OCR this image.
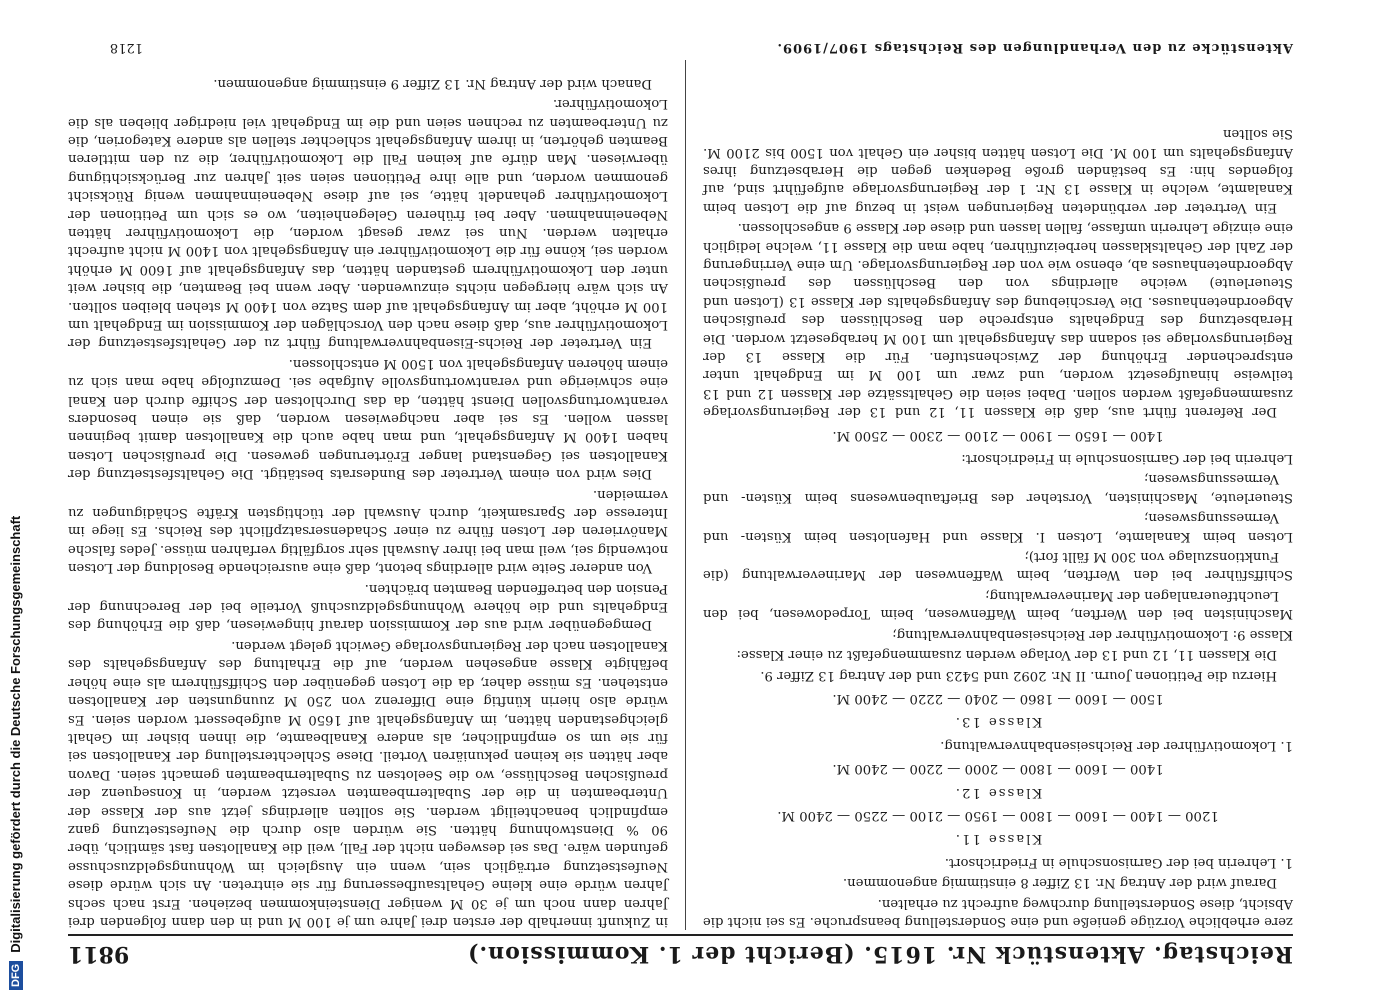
Reichstag. Aktenstück Nr. 1615. (Bericht der 1. Kommission.)
9811

zere erhebliche Vorzüge genieße und eine Sonderstellung beanspruche. Es sei nicht die Absicht, diese Sonderstellung durchweg aufrecht zu erhalten.

Darauf wird der Antrag Nr. 13 Ziffer 8 einstimmig angenommen.

1. Lehrerin bei der Garnisonschule in Friedrichsort.

Klasse 11.

1200 — 1400 — 1600 — 1800 — 1950 — 2100 — 2250 — 2400 M.

Klasse 12.

1400 — 1600 — 1800 — 2000 — 2200 — 2400 M.

1. Lokomotivführer der Reichseisenbahnverwaltung.

Klasse 13.

1500 — 1600 — 1860 — 2040 — 2220 — 2400 M.

Hierzu die Petitionen Journ. II Nr. 2092 und 5423 und der Antrag 13 Ziffer 9.

Die Klassen 11, 12 und 13 der Vorlage werden zusammengefaßt zu einer Klasse:

Klasse 9: Lokomotivführer der Reichseisenbahnverwaltung;

Maschinisten bei den Werften, beim Waffenwesen, beim Torpedowesen, bei den Leuchtfeueranlagen der Marineverwaltung;

Schiffsführer bei den Werften, beim Waffenwesen der Marineverwaltung (die Funktionszulage von 300 M fällt fort);

Lotsen beim Kanalamte, Lotsen I. Klasse und Hafenlotsen beim Küsten- und Vermessungswesen;

Steuerleute, Maschinisten, Vorsteher des Brieftaubenwesens beim Küsten- und Vermessungswesen;

Lehrerin bei der Garnisonschule in Friedrichsort:

1400 — 1650 — 1900 — 2100 — 2300 — 2500 M.

Der Referent führt aus, daß die Klassen 11, 12 und 13 der Regierungsvorlage zusammengefaßt werden sollen. Dabei seien die Gehaltssätze der Klassen 12 und 13 teilweise hinaufgesetzt worden, und zwar um 100 M im Endgehalt unter entsprechender Erhöhung der Zwischenstufen. Für die Klasse 13 der Regierungsvorlage sei sodann das Anfangsgehalt um 100 M herabgesetzt worden. Die Herabsetzung des Endgehalts entspreche den Beschlüssen des preußischen Abgeordnetenhauses. Die Verschiebung des Anfangsgehalts der Klasse 13 (Lotsen und Steuerleute) weiche allerdings von den Beschlüssen des preußischen Abgeordnetenhauses ab, ebenso wie von der Regierungsvorlage. Um eine Verringerung der Zahl der Gehaltsklassen herbeizuführen, habe man die Klasse 11, welche lediglich eine einzige Lehrerin umfasse, fallen lassen und diese der Klasse 9 angeschlossen.

Ein Vertreter der verbündeten Regierungen weist in bezug auf die Lotsen beim Kanalamte, welche in Klasse 13 Nr. 1 der Regierungsvorlage aufgeführt sind, auf folgendes hin: Es beständen große Bedenken gegen die Herabsetzung ihres Anfangsgehalts um 100 M. Die Lotsen hätten bisher ein Gehalt von 1500 bis 2100 M. Sie sollten

in Zukunft innerhalb der ersten drei Jahre um je 100 M und in den dann folgenden drei Jahren dann noch um je 30 M weniger Diensteinkommen beziehen. Erst nach sechs Jahren würde eine kleine Gehaltsaufbesserung für sie eintreten. An sich würde diese Neufestsetzung erträglich sein, wenn ein Ausgleich im Wohnungsgeldzuschusse gefunden wäre. Das sei deswegen nicht der Fall, weil die Kanallotsen fast sämtlich, über 90 % Dienstwohnung hätten. Sie würden also durch die Neufestsetzung ganz empfindlich benachteiligt werden. Sie sollten allerdings jetzt aus der Klasse der Unterbeamten in die der Subalternbeamten versetzt werden, in Konsequenz der preußischen Beschlüsse, wo die Seelotsen zu Subalternbeamten gemacht seien. Davon aber hätten sie keinen pekuniären Vorteil. Diese Schlechterstellung der Kanallotsen sei für sie um so empfindlicher, als andere Kanalbeamte, die ihnen bisher im Gehalt gleichgestanden hätten, im Anfangsgehalt auf 1650 M aufgebessert worden seien. Es würde also hierin künftig eine Differenz von 250 M zuungunsten der Kanallotsen entstehen. Es müsse daher, da die Lotsen gegenüber den Schiffsführern als eine höher befähigte Klasse angesehen werden, auf die Erhaltung des Anfangsgehalts des Kanallotsen nach der Regierungsvorlage Gewicht gelegt werden.

Demgegenüber wird aus der Kommission darauf hingewiesen, daß die Erhöhung des Endgehalts und die höhere Wohnungsgeldzuschuß Vorteile bei der Berechnung der Pension den betreffenden Beamten brächten.

Von anderer Seite wird allerdings betont, daß eine ausreichende Besoldung der Lotsen notwendig sei, weil man bei ihrer Auswahl sehr sorgfältig verfahren müsse. Jedes falsche Manövrieren der Lotsen führe zu einer Schadensersatzpflicht des Reichs. Es liege im Interesse der Sparsamkeit, durch Auswahl der tüchtigsten Kräfte Schädigungen zu vermeiden.

Dies wird von einem Vertreter des Bundesrats bestätigt. Die Gehaltsfestsetzung der Kanallotsen sei Gegenstand langer Erörterungen gewesen. Die preußischen Lotsen haben 1400 M Anfangsgehalt, und man habe auch die Kanallotsen damit beginnen lassen wollen. Es sei aber nachgewiesen worden, daß sie einen besonders verantwortungsvollen Dienst hätten, da das Durchlotsen der Schiffe durch den Kanal eine schwierige und verantwortungsvolle Aufgabe sei. Demzufolge habe man sich zu einem höheren Anfangsgehalt von 1500 M entschlossen.

Ein Vertreter der Reichs-Eisenbahnverwaltung führt zu der Gehaltsfestsetzung der Lokomotivführer aus, daß diese nach den Vorschlägen der Kommission im Endgehalt um 100 M erhöht, aber im Anfangsgehalt auf dem Satze von 1400 M stehen bleiben sollten. An sich wäre hiergegen nichts einzuwenden. Aber wenn bei Beamten, die bisher weit unter den Lokomotivführern gestanden hätten, das Anfangsgehalt auf 1600 M erhöht worden sei, könne für die Lokomotivführer ein Anfangsgehalt von 1400 M nicht aufrecht erhalten werden. Nun sei zwar gesagt worden, die Lokomotivführer hätten Nebeneinnahmen. Aber bei früheren Gelegenheiten, wo es sich um Petitionen der Lokomotivführer gehandelt hätte, sei auf diese Nebeneinnahmen wenig Rücksicht genommen worden, und alle ihre Petitionen seien seit Jahren zur Berücksichtigung überwiesen. Man dürfe auf keinen Fall die Lokomotivführer, die zu den mittleren Beamten gehörten, in ihrem Anfangsgehalt schlechter stellen als andere Kategorien, die zu Unterbeamten zu rechnen seien und die im Endgehalt viel niedriger blieben als die Lokomotivführer.

Danach wird der Antrag Nr. 13 Ziffer 9 einstimmig angenommen.

Aktenstücke zu den Verhandlungen des Reichstags 1907/1909.
1218
DFG
Digitalisierung gefördert durch die Deutsche Forschungsgemeinschaft
